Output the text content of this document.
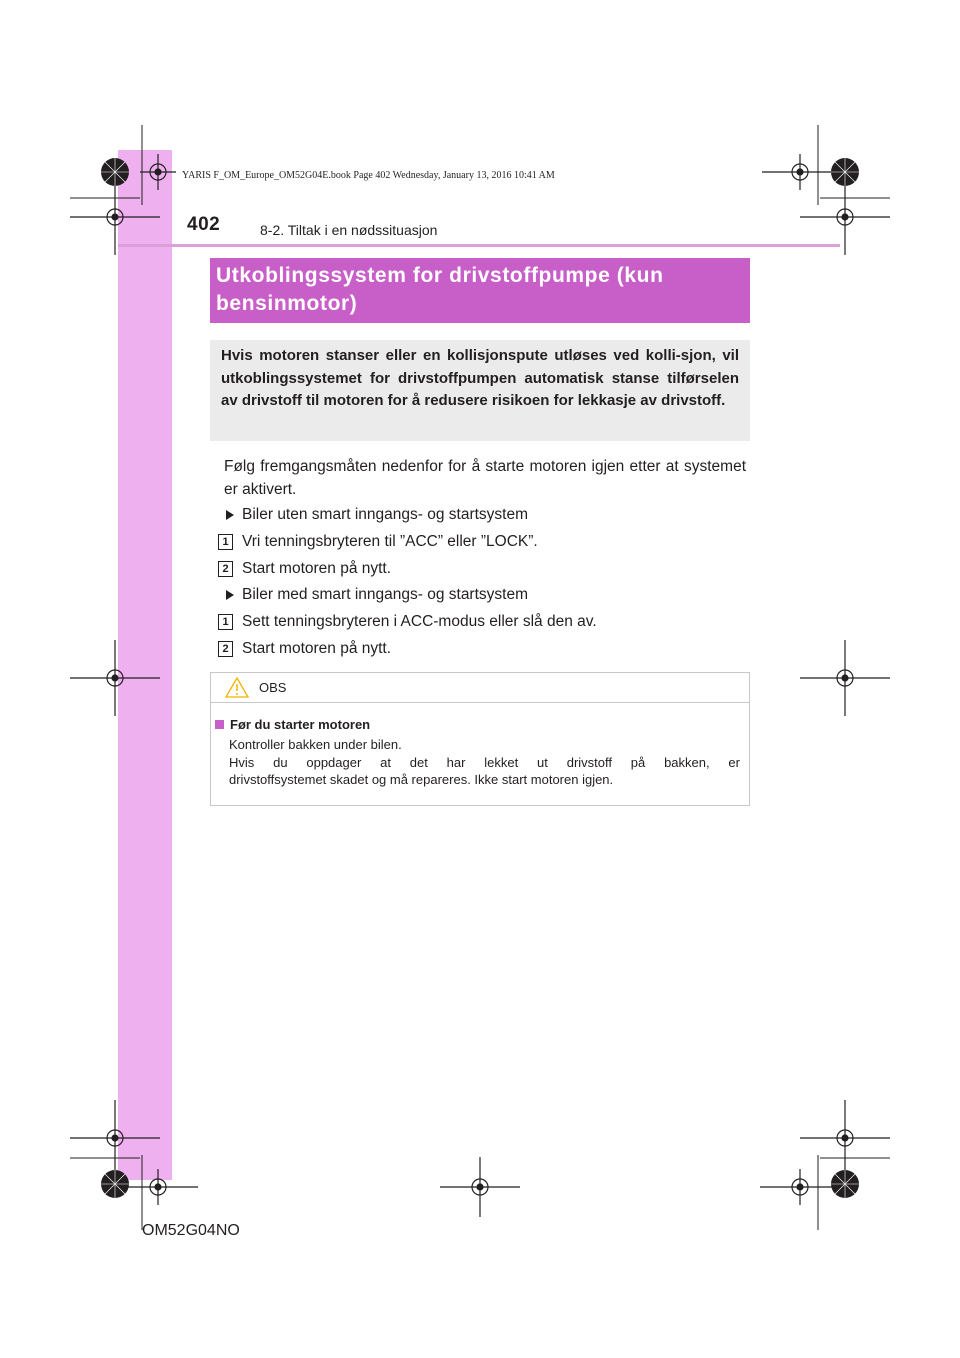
YARIS F_OM_Europe_OM52G04E.book Page 402 Wednesday, January 13, 2016 10:41 AM
402	8-2. Tiltak i en nødssituasjon

Utkoblingssystem for drivstoffpumpe (kun
bensinmotor)

Hvis motoren stanser eller en kollisjonspute utløses ved kolli-sjon, vil utkoblingssystemet for drivstoffpumpen automatisk stanse tilførselen av drivstoff til motoren for å redusere risikoen for lekkasje av drivstoff.

Følg fremgangsmåten nedenfor for å starte motoren igjen etter at systemet er aktivert.

Biler uten smart inngangs- og startsystem
1 Vri tenningsbryteren til ”ACC” eller ”LOCK”.
2 Start motoren på nytt.
Biler med smart inngangs- og startsystem
1 Sett tenningsbryteren i ACC-modus eller slå den av.
2 Start motoren på nytt.
OBS
Før du starter motoren

Kontroller bakken under bilen.
Hvis du oppdager at det har lekket ut drivstoff på bakken, er
drivstoffsystemet skadet og må repareres. Ikke start motoren igjen.

OM52G04NO
